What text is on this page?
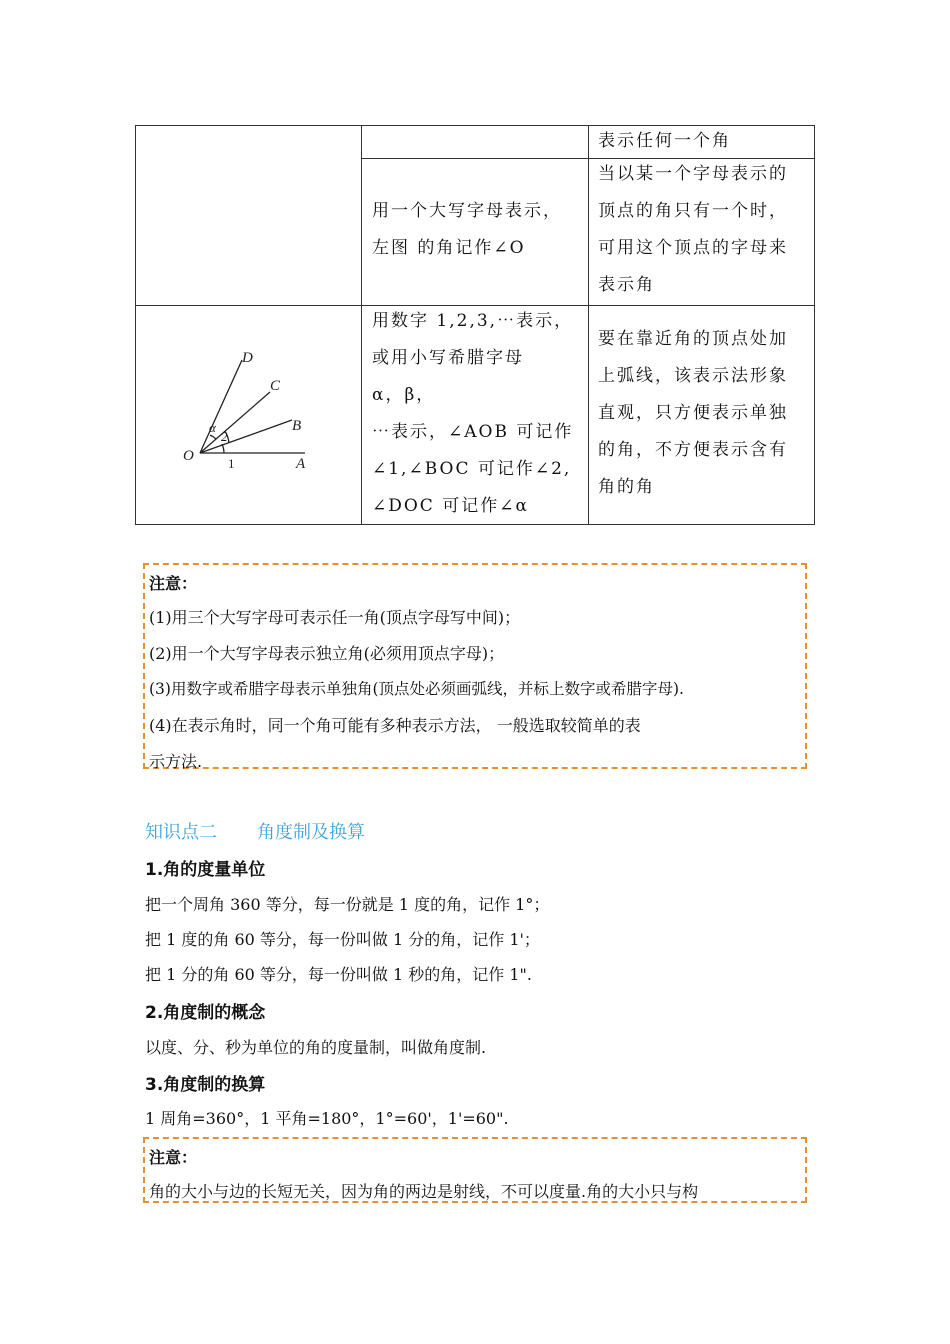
表示任何一个角
用一个大写字母表示，
左图 的角记作∠O
当以某一个字母表示的
顶点的角只有一个时，
可用这个顶点的字母来
表示角
O	A
B
C
D
1
2
α
用数字 1,2,3,⋯表示，
或用小写希腊字母
α，β，
⋯表示，∠AOB 可记作
∠1,∠BOC 可记作∠2,
∠DOC 可记作∠α
要在靠近角的顶点处加
上弧线，该表示法形象
直观，只方便表示单独
的角，不方便表示含有
角的角
注意：
(1)用三个大写字母可表示任一角(顶点字母写中间)；
(2)用一个大写字母表示独立角(必须用顶点字母)；
(3)用数字或希腊字母表示单独角(顶点处必须画弧线，并标上数字或希腊字母).
(4)在表示角时，同一个角可能有多种表示方法， 一般选取较简单的表
示方法.
知识点二 角度制及换算
1.角的度量单位
把一个周角 360 等分，每一份就是 1 度的角，记作 1°；
把 1 度的角 60 等分，每一份叫做 1 分的角，记作 1'；
把 1 分的角 60 等分，每一份叫做 1 秒的角，记作 1".
2.角度制的概念
以度、分、秒为单位的角的度量制，叫做角度制.
3.角度制的换算
1 周角=360°，1 平角=180°，1°=60'，1'=60".
注意：
角的大小与边的长短无关，因为角的两边是射线，不可以度量.角的大小只与构
